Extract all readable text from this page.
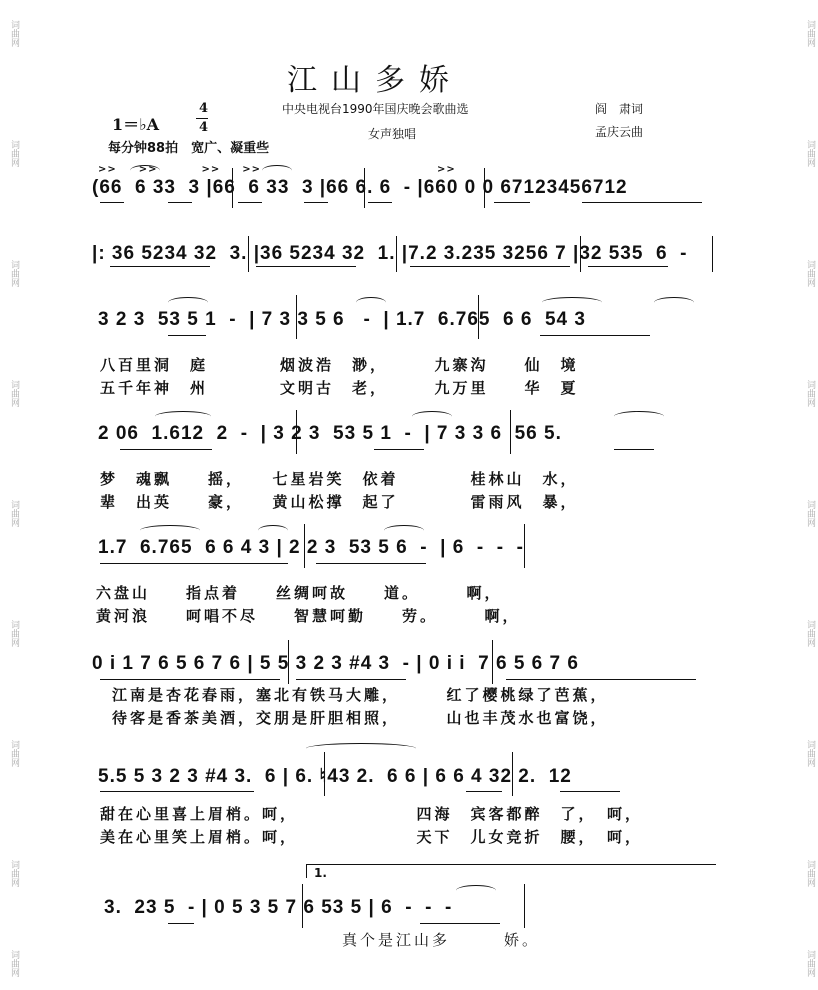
词曲网
词曲网
词曲网
词曲网
词曲网
词曲网
词曲网
词曲网
词曲网
词曲网
词曲网
词曲网
词曲网
词曲网
词曲网
词曲网
词曲网
词曲网
江山多娇
中央电视台1990年国庆晚会歌曲选
女声独唱
阎　肃词
孟庆云曲
1＝♭A
4
4
每分钟88拍　宽广、凝重些
>>　　>>　　　　>>　　>>　　　　　　　　　　　　　　　　>>
(66  6 33  3 |66  6 33  3 |66 6. 6  - |660 0 0 67123456712
|: 36 5234 32  3. |36 5234 32  1. |7.2 3.235 3256 7 |32 535  6  -
3 2 3  53 5 1  -  | 7 3 3 5 6   -  | 1.7  6.765  6 6  54 3
八百里洞　庭　　　　烟波浩　渺，　　　九寨沟　　仙　境
五千年神　州　　　　文明古　老，　　　九万里　　华　夏
2 06  1.612  2  -  | 3 2 3  53 5 1  -  | 7 3 3 6  56 5.
梦　魂飘　　摇，　　七星岩笑　依着　　　　桂林山　水，
辈　出英　　豪，　　黄山松撑　起了　　　　雷雨风　暴，
1.7  6.765  6 6 4 3 | 2 2 3  53 5 6  -  | 6  -  -  -
六盘山　　指点着　　丝绸呵故　　道。　　　啊，
黄河浪　　呵唱不尽　　智慧呵勤　　劳。　　　啊，
0 i 1 7 6 5 6 7 6 | 5 5 3 2 3 #4 3  - | 0 i i  7 6 5 6 7 6
江南是杏花春雨，塞北有铁马大雕，　　　红了樱桃绿了芭蕉，
待客是香茶美酒，交朋是肝胆相照，　　　山也丰茂水也富饶，
5.5 5 3 2 3 #4 3.  6 | 6. ♮43 2.  6 6 | 6 6 4 32 2.  12
甜在心里喜上眉梢。呵，　　　　　　　四海　宾客都醉　了，　呵，
美在心里笑上眉梢。呵，　　　　　　　天下　儿女竞折　腰，　呵，
1.
3.  23 5  - | 0 5 3 5 7 6 53 5 | 6  -  -  -
真个是江山多　　　娇。
